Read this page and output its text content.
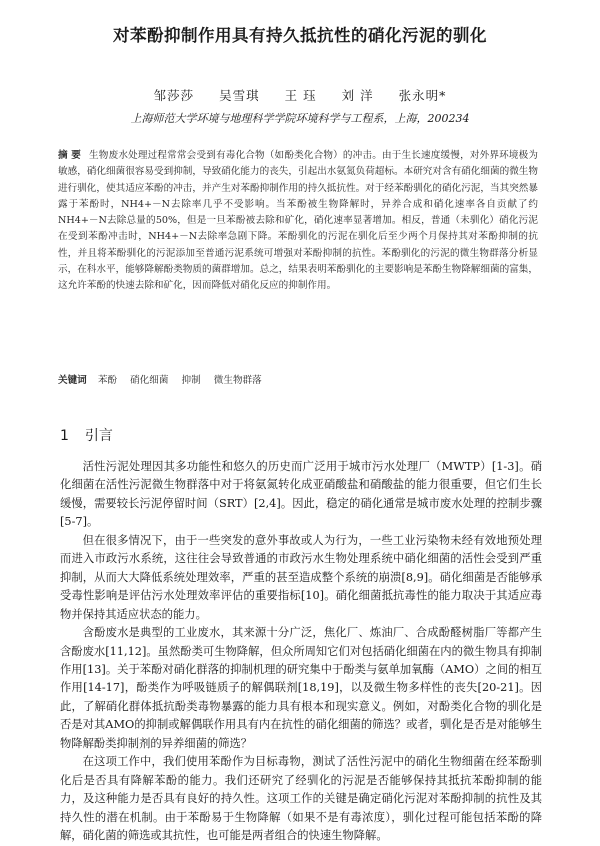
对苯酚抑制作用具有持久抵抗性的硝化污泥的驯化
邹莎莎 吴雪琪 王 珏 刘 洋 张永明*
上海师范大学环境与地理科学学院环境科学与工程系，上海，200234
摘 要 生物废水处理过程常常会受到有毒化合物（如酚类化合物）的冲击。由于生长速度缓慢，对外界环境极为敏感，硝化细菌很容易受到抑制，导致硝化能力的丧失，引起出水氨氮负荷超标。本研究对含有硝化细菌的微生物进行驯化，使其适应苯酚的冲击，并产生对苯酚抑制作用的持久抵抗性。对于经苯酚驯化的硝化污泥，当其突然暴露于苯酚时，NH4+－N去除率几乎不受影响。当苯酚被生物降解时，异养合成和硝化速率各自贡献了约NH4+－N去除总量的50%，但是一旦苯酚被去除和矿化，硝化速率显著增加。相反，普通（未驯化）硝化污泥在受到苯酚冲击时，NH4+－N去除率急剧下降。苯酚驯化的污泥在驯化后至少两个月保持其对苯酚抑制的抗性，并且将苯酚驯化的污泥添加至普通污泥系统可增强对苯酚抑制的抗性。苯酚驯化的污泥的微生物群落分析显示，在科水平，能够降解酚类物质的菌群增加。总之，结果表明苯酚驯化的主要影响是苯酚生物降解细菌的富集，这允许苯酚的快速去除和矿化，因而降低对硝化反应的抑制作用。
关键词 苯酚 硝化细菌 抑制 微生物群落
1 引言

活性污泥处理因其多功能性和悠久的历史而广泛用于城市污水处理厂（MWTP）[1-3]。硝化细菌在活性污泥微生物群落中对于将氨氮转化成亚硝酸盐和硝酸盐的能力很重要，但它们生长缓慢，需要较长污泥停留时间（SRT）[2,4]。因此，稳定的硝化通常是城市废水处理的控制步骤[5-7]。

但在很多情况下，由于一些突发的意外事故或人为行为，一些工业污染物未经有效地预处理而进入市政污水系统，这往往会导致普通的市政污水生物处理系统中硝化细菌的活性会受到严重抑制，从而大大降低系统处理效率，严重的甚至造成整个系统的崩溃[8,9]。硝化细菌是否能够承受毒性影响是评估污水处理效率评估的重要指标[10]。硝化细菌抵抗毒性的能力取决于其适应毒物并保持其适应状态的能力。

含酚废水是典型的工业废水，其来源十分广泛，焦化厂、炼油厂、合成酚醛树脂厂等都产生含酚废水[11,12]。虽然酚类可生物降解，但众所周知它们对包括硝化细菌在内的微生物具有抑制作用[13]。关于苯酚对硝化群落的抑制机理的研究集中于酚类与氨单加氧酶（AMO）之间的相互作用[14-17]，酚类作为呼吸链质子的解偶联剂[18,19]，以及微生物多样性的丧失[20-21]。因此，了解硝化群体抵抗酚类毒物暴露的能力具有根本和现实意义。例如，对酚类化合物的驯化是否是对其AMO的抑制或解偶联作用具有内在抗性的硝化细菌的筛选？或者，驯化是否是对能够生物降解酚类抑制剂的异养细菌的筛选？

在这项工作中，我们使用苯酚作为目标毒物，测试了活性污泥中的硝化生物细菌在经苯酚驯化后是否具有降解苯酚的能力。我们还研究了经驯化的污泥是否能够保持其抵抗苯酚抑制的能力，及这种能力是否具有良好的持久性。这项工作的关键是确定硝化污泥对苯酚抑制的抗性及其持久性的潜在机制。由于苯酚易于生物降解（如果不是有毒浓度），驯化过程可能包括苯酚的降解，硝化菌的筛选或其抗性，也可能是两者组合的快速生物降解。
